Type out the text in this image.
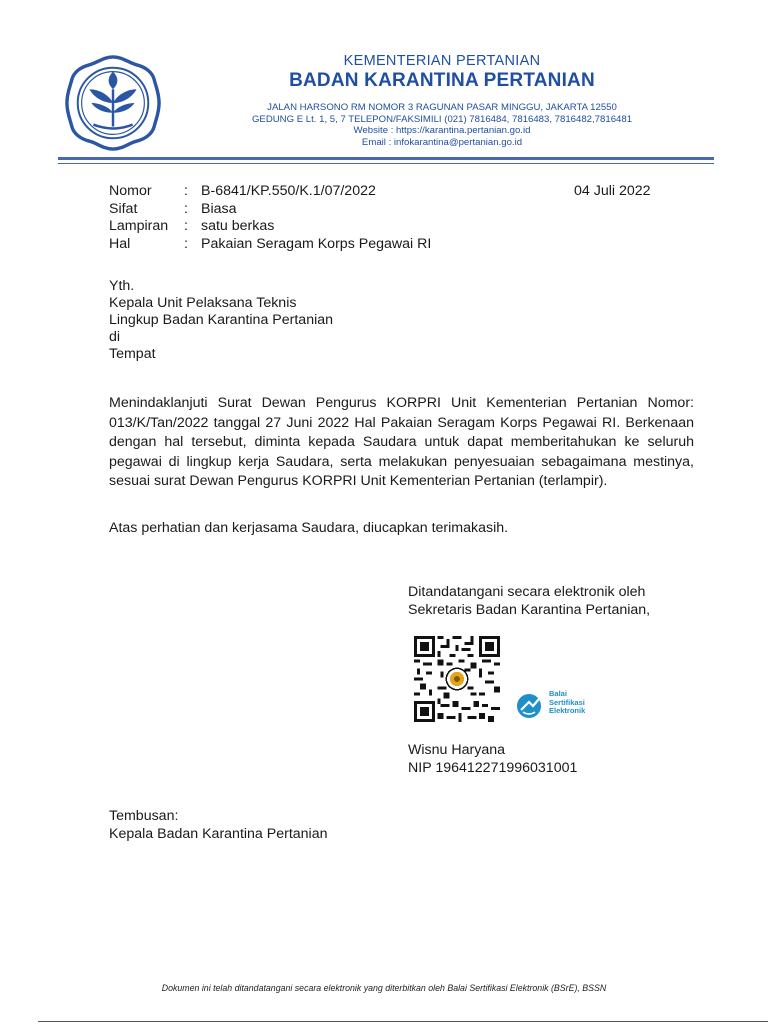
KEMENTERIAN PERTANIAN
BADAN KARANTINA PERTANIAN
JALAN HARSONO RM NOMOR 3 RAGUNAN PASAR MINGGU, JAKARTA 12550
GEDUNG E Lt. 1, 5, 7 TELEPON/FAKSIMILI (021) 7816484, 7816483, 7816482,7816481
Website : https://karantina.pertanian.go.id
Email : infokarantina@pertanian.go.id
Nomor : B-6841/KP.550/K.1/07/2022
Sifat	: Biasa
Lampiran : satu berkas
Hal	: Pakaian Seragam Korps Pegawai RI
04 Juli 2022
Yth.
Kepala Unit Pelaksana Teknis
Lingkup Badan Karantina Pertanian
di
Tempat
Menindaklanjuti Surat Dewan Pengurus KORPRI Unit Kementerian Pertanian Nomor: 013/K/Tan/2022 tanggal 27 Juni 2022 Hal Pakaian Seragam Korps Pegawai RI. Berkenaan dengan hal tersebut, diminta kepada Saudara untuk dapat memberitahukan ke seluruh pegawai di lingkup kerja Saudara, serta melakukan penyesuaian sebagaimana mestinya, sesuai surat Dewan Pengurus KORPRI Unit Kementerian Pertanian (terlampir).
Atas perhatian dan kerjasama Saudara, diucapkan terimakasih.
Ditandatangani secara elektronik oleh
Sekretaris Badan Karantina Pertanian,
Balai
Sertifikasi
Elektronik
Wisnu Haryana
NIP 196412271996031001
Tembusan:
Kepala Badan Karantina Pertanian
Dokumen ini telah ditandatangani secara elektronik yang diterbitkan oleh Balai Sertifikasi Elektronik (BSrE), BSSN
